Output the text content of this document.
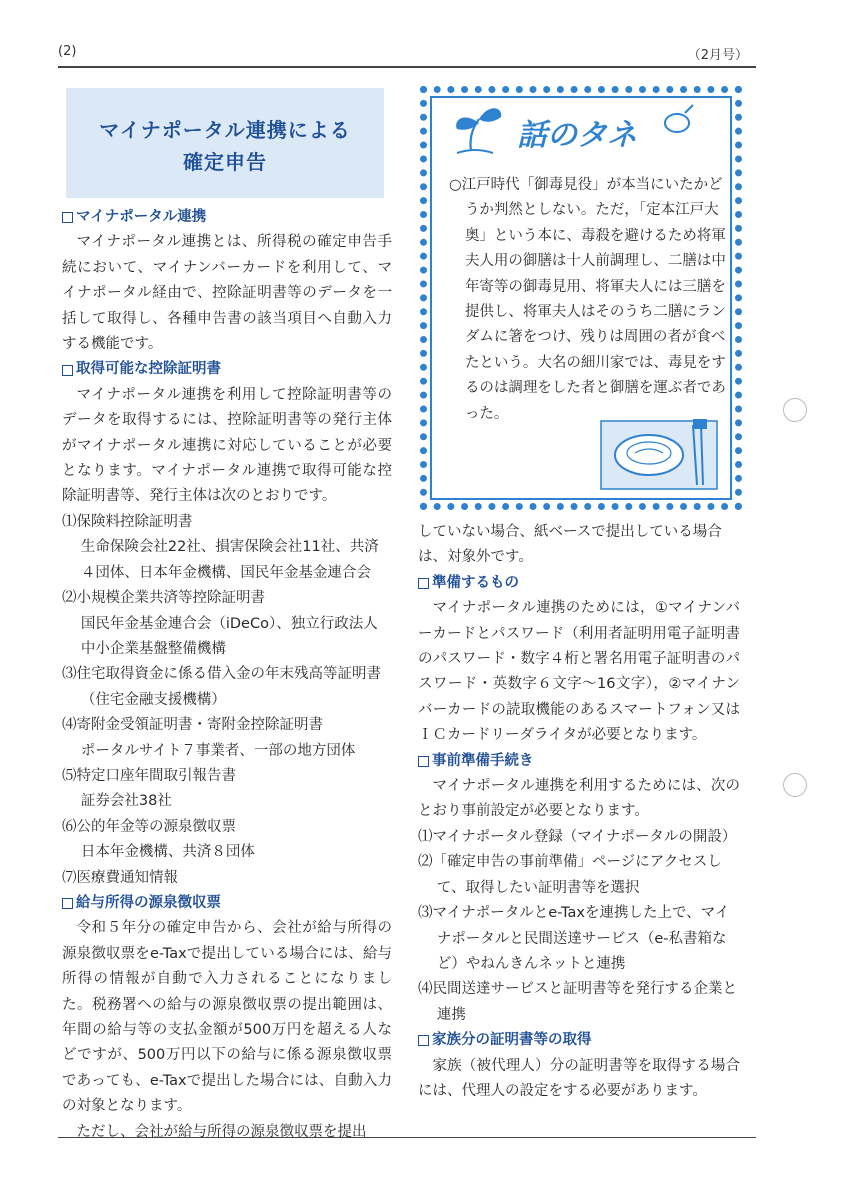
(2)	（2月号）
マイナポータル連携による
確定申告
マイナポータル連携
マイナポータル連携とは、所得税の確定申告手続において、マイナンバーカードを利用して、マイナポータル経由で、控除証明書等のデータを一括して取得し、各種申告書の該当項目へ自動入力する機能です。
取得可能な控除証明書
マイナポータル連携を利用して控除証明書等のデータを取得するには、控除証明書等の発行主体がマイナポータル連携に対応していることが必要となります。マイナポータル連携で取得可能な控除証明書等、発行主体は次のとおりです。
⑴保険料控除証明書
生命保険会社22社、損害保険会社11社、共済４団体、日本年金機構、国民年金基金連合会
⑵小規模企業共済等控除証明書
国民年金基金連合会（iDeCo）、独立行政法人中小企業基盤整備機構
⑶住宅取得資金に係る借入金の年末残高等証明書（住宅金融支援機構）
⑷寄附金受領証明書・寄附金控除証明書
ポータルサイト７事業者、一部の地方団体
⑸特定口座年間取引報告書
証券会社38社
⑹公的年金等の源泉徴収票
日本年金機構、共済８団体
⑺医療費通知情報
給与所得の源泉徴収票
令和５年分の確定申告から、会社が給与所得の源泉徴収票をe-Taxで提出している場合には、給与所得の情報が自動で入力されることになりました。税務署への給与の源泉徴収票の提出範囲は、年間の給与等の支払金額が500万円を超える人などですが、500万円以下の給与に係る源泉徴収票であっても、e-Taxで提出した場合には、自動入力の対象となります。
ただし、会社が給与所得の源泉徴収票を提出
話のタネ
○江戸時代「御毒見役」が本当にいたかどうか判然としない。ただ，「定本江戸大奥」という本に、毒殺を避けるため将軍夫人用の御膳は十人前調理し、二膳は中年寄等の御毒見用、将軍夫人には三膳を提供し、将軍夫人はそのうち二膳にランダムに箸をつけ、残りは周囲の者が食べたという。大名の細川家では、毒見をするのは調理をした者と御膳を運ぶ者であった。
していない場合、紙ベースで提出している場合は、対象外です。
準備するもの
マイナポータル連携のためには，①マイナンバーカードとパスワード（利用者証明用電子証明書のパスワード・数字４桁と署名用電子証明書のパスワード・英数字６文字～16文字），②マイナンバーカードの読取機能のあるスマートフォン又はＩＣカードリーダライタが必要となります。
事前準備手続き
マイナポータル連携を利用するためには、次のとおり事前設定が必要となります。
⑴マイナポータル登録（マイナポータルの開設）
⑵「確定申告の事前準備」ページにアクセスして、取得したい証明書等を選択
⑶マイナポータルとe-Taxを連携した上で、マイナポータルと民間送達サービス（e-私書箱など）やねんきんネットと連携
⑷民間送達サービスと証明書等を発行する企業と連携
家族分の証明書等の取得
家族（被代理人）分の証明書等を取得する場合には、代理人の設定をする必要があります。
